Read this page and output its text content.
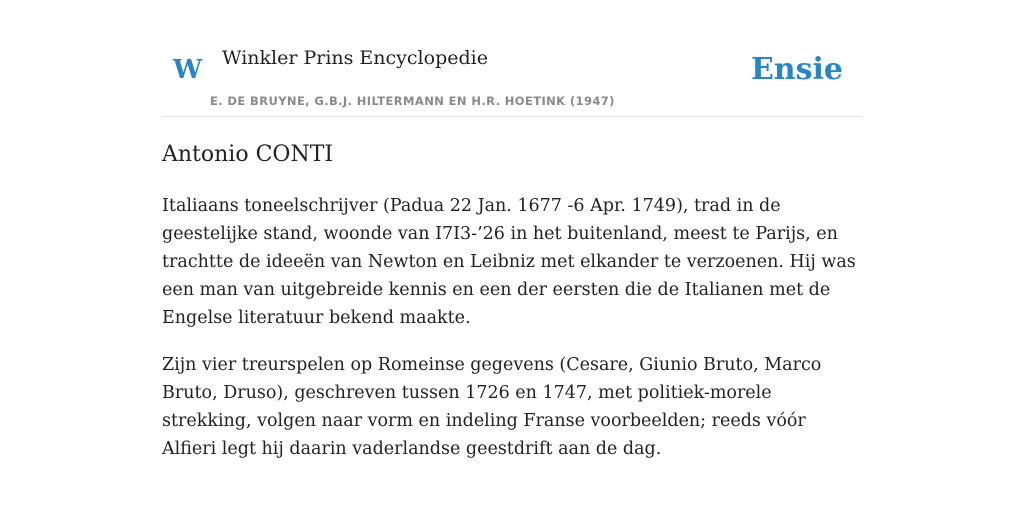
W Winkler Prins Encyclopedie
E. DE BRUYNE, G.B.J. HILTERMANN EN H.R. HOETINK (1947)
Ensie
Antonio CONTI

Italiaans toneelschrijver (Padua 22 Jan. 1677 -6 Apr. 1749), trad in de geestelijke stand, woonde van I7I3-’26 in het buitenland, meest te Parijs, en trachtte de ideeën van Newton en Leibniz met elkander te verzoenen. Hij was een man van uitgebreide kennis en een der eersten die de Italianen met de Engelse literatuur bekend maakte.

Zijn vier treurspelen op Romeinse gegevens (Cesare, Giunio Bruto, Marco Bruto, Druso), geschreven tussen 1726 en 1747, met politiek-morele strekking, volgen naar vorm en indeling Franse voorbeelden; reeds vóór Alfieri legt hij daarin vaderlandse geestdrift aan de dag.
